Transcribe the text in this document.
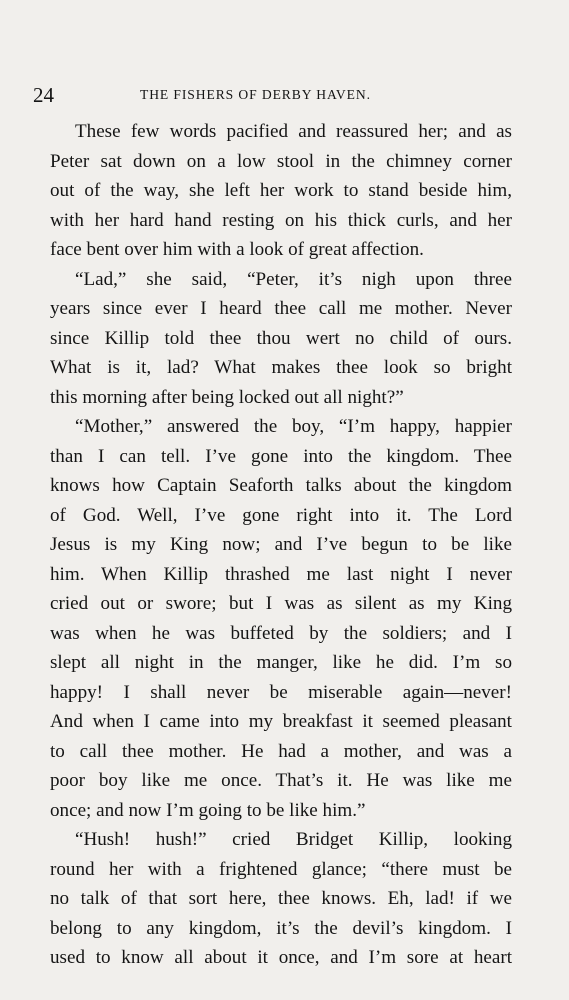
24	THE FISHERS OF DERBY HAVEN.
These few words pacified and reassured her; and as
Peter sat down on a low stool in the chimney corner
out of the way, she left her work to stand beside him,
with her hard hand resting on his thick curls, and her
face bent over him with a look of great affection.
“Lad,” she said, “Peter, it’s nigh upon three
years since ever I heard thee call me mother. Never
since Killip told thee thou wert no child of ours.
What is it, lad? What makes thee look so bright
this morning after being locked out all night?”
“Mother,” answered the boy, “I’m happy, happier
than I can tell. I’ve gone into the kingdom. Thee
knows how Captain Seaforth talks about the kingdom
of God. Well, I’ve gone right into it. The Lord
Jesus is my King now; and I’ve begun to be like
him. When Killip thrashed me last night I never
cried out or swore; but I was as silent as my King
was when he was buffeted by the soldiers; and I
slept all night in the manger, like he did. I’m so
happy! I shall never be miserable again—never!
And when I came into my breakfast it seemed pleasant
to call thee mother. He had a mother, and was a
poor boy like me once. That’s it. He was like me
once; and now I’m going to be like him.”
“Hush! hush!” cried Bridget Killip, looking
round her with a frightened glance; “there must be
no talk of that sort here, thee knows. Eh, lad! if we
belong to any kingdom, it’s the devil’s kingdom. I
used to know all about it once, and I’m sore at heart
